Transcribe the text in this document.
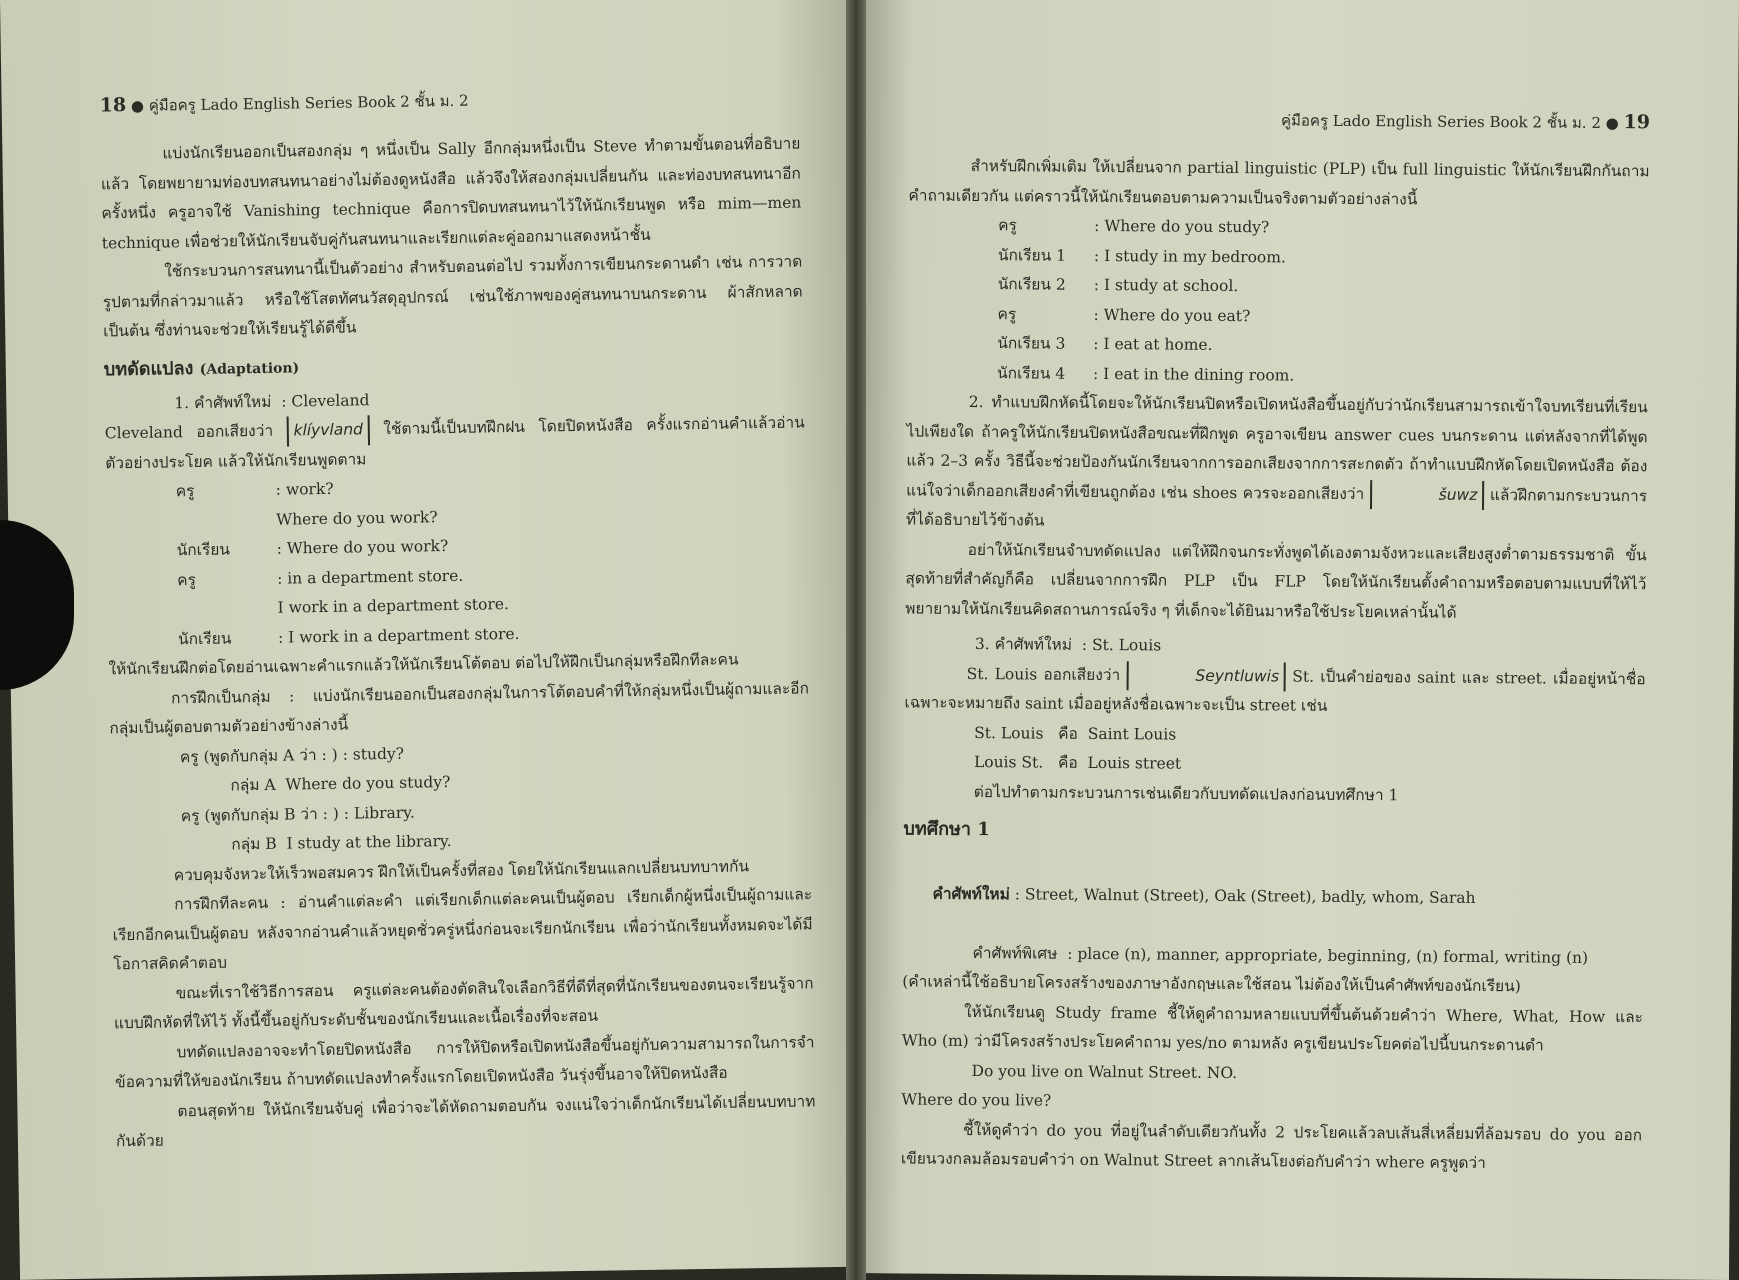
18 ● คู่มือครู Lado English Series Book 2 ชั้น ม. 2

แบ่งนักเรียนออกเป็นสองกลุ่ม ๆ หนึ่งเป็น Sally อีกกลุ่มหนึ่งเป็น Steve ทำตามขั้นตอนที่อธิบายแล้ว โดยพยายามท่องบทสนทนาอย่างไม่ต้องดูหนังสือ แล้วจึงให้สองกลุ่มเปลี่ยนกัน และท่องบทสนทนาอีกครั้งหนึ่ง ครูอาจใช้ Vanishing technique คือการปิดบทสนทนาไว้ให้นักเรียนพูด หรือ mim—men technique เพื่อช่วยให้นักเรียนจับคู่กันสนทนาและเรียกแต่ละคู่ออกมาแสดงหน้าชั้น

ใช้กระบวนการสนทนานี้เป็นตัวอย่าง สำหรับตอนต่อไป รวมทั้งการเขียนกระดานดำ เช่น การวาดรูปตามที่กล่าวมาแล้ว หรือใช้โสตทัศนวัสดุอุปกรณ์ เช่นใช้ภาพของคู่สนทนาบนกระดาน ผ้าสักหลาด เป็นต้น ซึ่งท่านจะช่วยให้เรียนรู้ได้ดีขึ้น

บทดัดแปลง (Adaptation)
1. คำศัพท์ใหม่  : Cleveland

Cleveland ออกเสียงว่า klíyvland ใช้ตามนี้เป็นบทฝึกฝน โดยปิดหนังสือ ครั้งแรกอ่านคำแล้วอ่านตัวอย่างประโยค แล้วให้นักเรียนพูดตาม

ครู	: work?
Where do you work?
นักเรียน	: Where do you work?
ครู	: in a department store.
I work in a department store.
นักเรียน	: I work in a department store.

ให้นักเรียนฝึกต่อโดยอ่านเฉพาะคำแรกแล้วให้นักเรียนโต้ตอบ ต่อไปให้ฝึกเป็นกลุ่มหรือฝึกทีละคน

การฝึกเป็นกลุ่ม : แบ่งนักเรียนออกเป็นสองกลุ่มในการโต้ตอบคำที่ให้กลุ่มหนึ่งเป็นผู้ถามและอีกกลุ่มเป็นผู้ตอบตามตัวอย่างข้างล่างนี้

ครู (พูดกับกลุ่ม A ว่า : ) : study?
กลุ่ม A  Where do you study?
ครู (พูดกับกลุ่ม B ว่า : ) : Library.
กลุ่ม B  I study at the library.

ควบคุมจังหวะให้เร็วพอสมควร ฝึกให้เป็นครั้งที่สอง โดยให้นักเรียนแลกเปลี่ยนบทบาทกัน

การฝึกทีละคน : อ่านคำแต่ละคำ แต่เรียกเด็กแต่ละคนเป็นผู้ตอบ เรียกเด็กผู้หนึ่งเป็นผู้ถามและเรียกอีกคนเป็นผู้ตอบ หลังจากอ่านคำแล้วหยุดชั่วครู่หนึ่งก่อนจะเรียกนักเรียน เพื่อว่านักเรียนทั้งหมดจะได้มีโอกาสคิดคำตอบ

ขณะที่เราใช้วิธีการสอน ครูแต่ละคนต้องตัดสินใจเลือกวิธีที่ดีที่สุดที่นักเรียนของตนจะเรียนรู้จากแบบฝึกหัดที่ให้ไว้ ทั้งนี้ขึ้นอยู่กับระดับชั้นของนักเรียนและเนื้อเรื่องที่จะสอน

บทดัดแปลงอาจจะทำโดยปิดหนังสือ การให้ปิดหรือเปิดหนังสือขึ้นอยู่กับความสามารถในการจำข้อความที่ให้ของนักเรียน ถ้าบทดัดแปลงทำครั้งแรกโดยเปิดหนังสือ วันรุ่งขึ้นอาจให้ปิดหนังสือ

ตอนสุดท้าย ให้นักเรียนจับคู่ เพื่อว่าจะได้หัดถามตอบกัน จงแน่ใจว่าเด็กนักเรียนได้เปลี่ยนบทบาทกันด้วย

คู่มือครู Lado English Series Book 2 ชั้น ม. 2 ● 19

สำหรับฝึกเพิ่มเติม ให้เปลี่ยนจาก partial linguistic (PLP) เป็น full linguistic ให้นักเรียนฝึกกันถามคำถามเดียวกัน แต่คราวนี้ให้นักเรียนตอบตามความเป็นจริงตามตัวอย่างล่างนี้

ครู	: Where do you study?
นักเรียน 1	: I study in my bedroom.
นักเรียน 2	: I study at school.
ครู	: Where do you eat?
นักเรียน 3	: I eat at home.
นักเรียน 4	: I eat in the dining room.

2. ทำแบบฝึกหัดนี้โดยจะให้นักเรียนปิดหรือเปิดหนังสือขึ้นอยู่กับว่านักเรียนสามารถเข้าใจบทเรียนที่เรียนไปเพียงใด ถ้าครูให้นักเรียนปิดหนังสือขณะที่ฝึกพูด ครูอาจเขียน answer cues บนกระดาน แต่หลังจากที่ได้พูดแล้ว 2–3 ครั้ง วิธีนี้จะช่วยป้องกันนักเรียนจากการออกเสียงจากการสะกดตัว ถ้าทำแบบฝึกหัดโดยเปิดหนังสือ ต้องแน่ใจว่าเด็กออกเสียงคำที่เขียนถูกต้อง เช่น shoes ควรจะออกเสียงว่า	šuwz แล้วฝึกตามกระบวนการที่ได้อธิบายไว้ข้างต้น

อย่าให้นักเรียนจำบทดัดแปลง แต่ให้ฝึกจนกระทั่งพูดได้เองตามจังหวะและเสียงสูงต่ำตามธรรมชาติ ขั้นสุดท้ายที่สำคัญก็คือ เปลี่ยนจากการฝึก PLP เป็น FLP โดยให้นักเรียนตั้งคำถามหรือตอบตามแบบที่ให้ไว้ พยายามให้นักเรียนคิดสถานการณ์จริง ๆ ที่เด็กจะได้ยินมาหรือใช้ประโยคเหล่านั้นได้

3. คำศัพท์ใหม่  : St. Louis

St. Louis ออกเสียงว่า	Seyntluwis St. เป็นคำย่อของ saint และ street. เมื่ออยู่หน้าชื่อเฉพาะจะหมายถึง saint เมื่ออยู่หลังชื่อเฉพาะจะเป็น street เช่น

St. Louis   คือ  Saint Louis
Louis St.   คือ  Louis street
ต่อไปทำตามกระบวนการเช่นเดียวกับบทดัดแปลงก่อนบทศึกษา 1
บทศึกษา 1

คำศัพท์ใหม่ : Street, Walnut (Street), Oak (Street), badly, whom, Sarah

คำศัพท์พิเศษ  : place (n), manner, appropriate, beginning, (n) formal, writing (n)
(คำเหล่านี้ใช้อธิบายโครงสร้างของภาษาอังกฤษและใช้สอน ไม่ต้องให้เป็นคำศัพท์ของนักเรียน)

ให้นักเรียนดู Study frame ชี้ให้ดูคำถามหลายแบบที่ขึ้นต้นด้วยคำว่า Where, What, How และ Who (m) ว่ามีโครงสร้างประโยคคำถาม yes/no ตามหลัง ครูเขียนประโยคต่อไปนี้บนกระดานดำ

Do you live on Walnut Street. NO.
Where do you live?

ชี้ให้ดูคำว่า do you ที่อยู่ในลำดับเดียวกันทั้ง 2 ประโยคแล้วลบเส้นสี่เหลี่ยมที่ล้อมรอบ do you ออกเขียนวงกลมล้อมรอบคำว่า on Walnut Street ลากเส้นโยงต่อกับคำว่า where ครูพูดว่า
